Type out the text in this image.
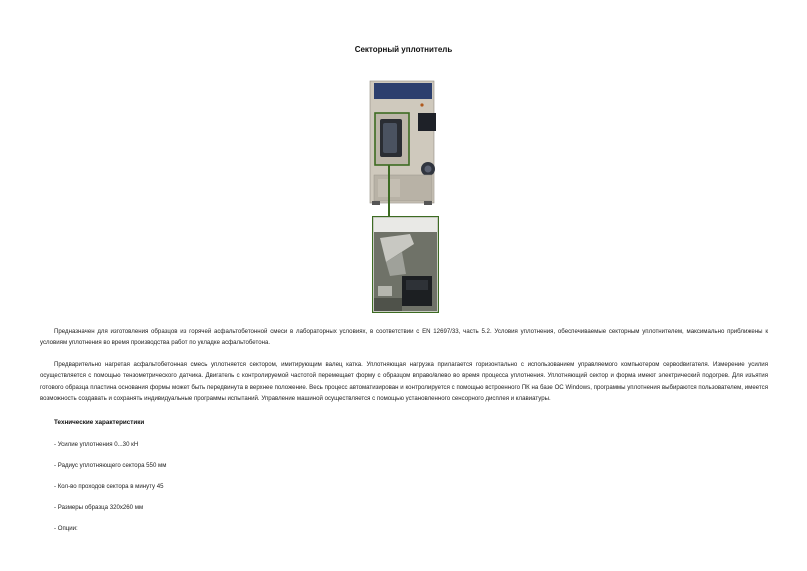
Секторный уплотнитель
Предназначен для изготовления образцов из горячей асфальтобетонной смеси в лабораторных условиях, в соответствии с EN 12697/33, часть 5.2. Условия уплотнения, обеспечиваемые секторным уплотнителем, максимально приближены к условиям уплотнения во время производства работ по укладке асфальтобетона.
Предварительно нагретая асфальтобетонная смесь уплотняется сектором, имитирующим валец катка. Уплотняющая нагрузка прилагается горизонтально с использованием управляемого компьютером сервodвигателя. Измерение усилия осуществляется с помощью тензометрического датчика. Двигатель с контролируемой частотой перемещает форму с образцом вправо/влево во время процесса уплотнения. Уплотняющий сектор и форма имеют электрический подогрев. Для изъятия готового образца пластина основания формы может быть передвинута в верхнее положение. Весь процесс автоматизирован и контролируется с помощью встроенного ПК на базе ОС Windows, программы уплотнения выбираются пользователем, имеется возможность создавать и сохранять индивидуальные программы испытаний. Управление машиной осуществляется с помощью установленного сенсорного дисплея и клавиатуры.
Технические характеристики
- Усилие уплотнения 0...30 кН
- Радиус уплотняющего сектора 550 мм
- Кол-во проходов сектора в минуту 45
- Размеры образца 320х260 мм
- Опции:
